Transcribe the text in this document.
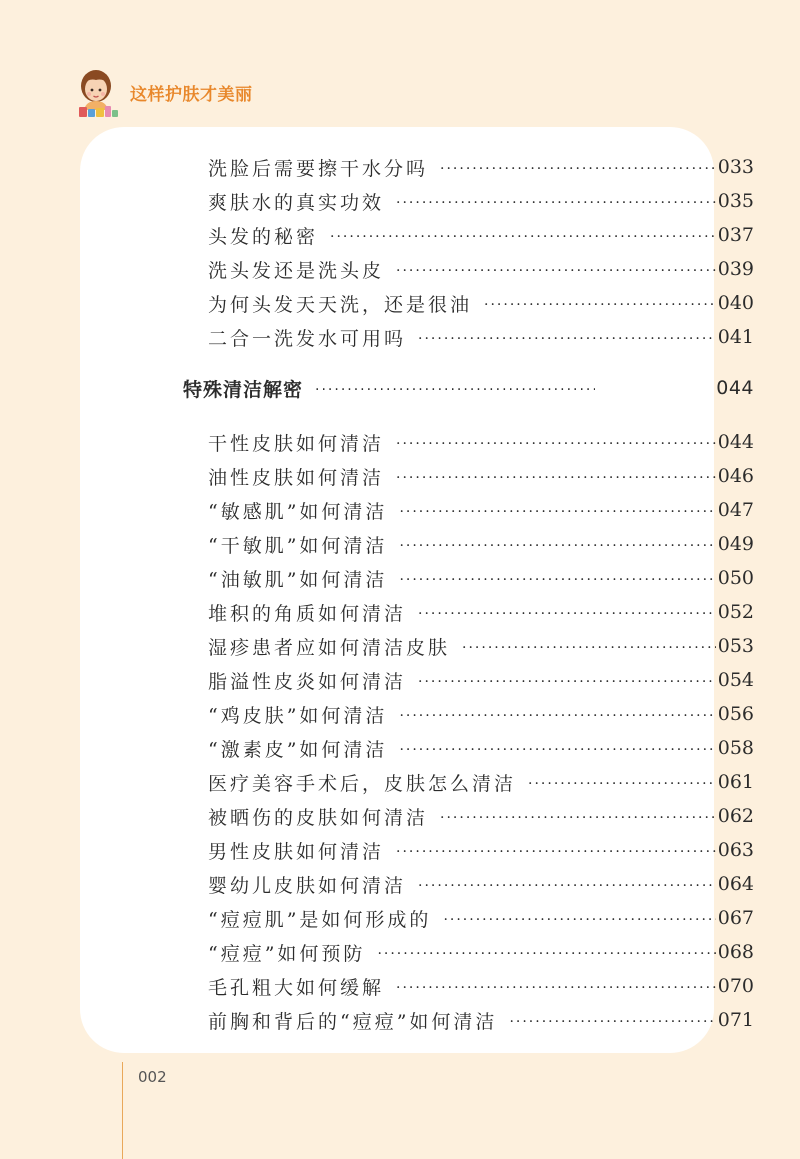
这样护肤才美丽
洗脸后需要擦干水分吗 ·····	033
爽肤水的真实功效 ·····	035
头发的秘密 ·····	037
洗头发还是洗头皮 ·····	039
为何头发天天洗，还是很油 ·····	040
二合一洗发水可用吗 ·····	041
特殊清洁解密 ·····	044
干性皮肤如何清洁 ·····	044
油性皮肤如何清洁 ·····	046
“敏感肌”如何清洁 ·····	047
“干敏肌”如何清洁 ·····	049
“油敏肌”如何清洁 ·····	050
堆积的角质如何清洁 ·····	052
湿疹患者应如何清洁皮肤 ·····	053
脂溢性皮炎如何清洁 ·····	054
“鸡皮肤”如何清洁 ·····	056
“激素皮”如何清洁 ·····	058
医疗美容手术后，皮肤怎么清洁 ·····	061
被晒伤的皮肤如何清洁 ·····	062
男性皮肤如何清洁 ·····	063
婴幼儿皮肤如何清洁 ·····	064
“痘痘肌”是如何形成的 ·····	067
“痘痘”如何预防 ·····	068
毛孔粗大如何缓解 ·····	070
前胸和背后的“痘痘”如何清洁 ·····	071
002
